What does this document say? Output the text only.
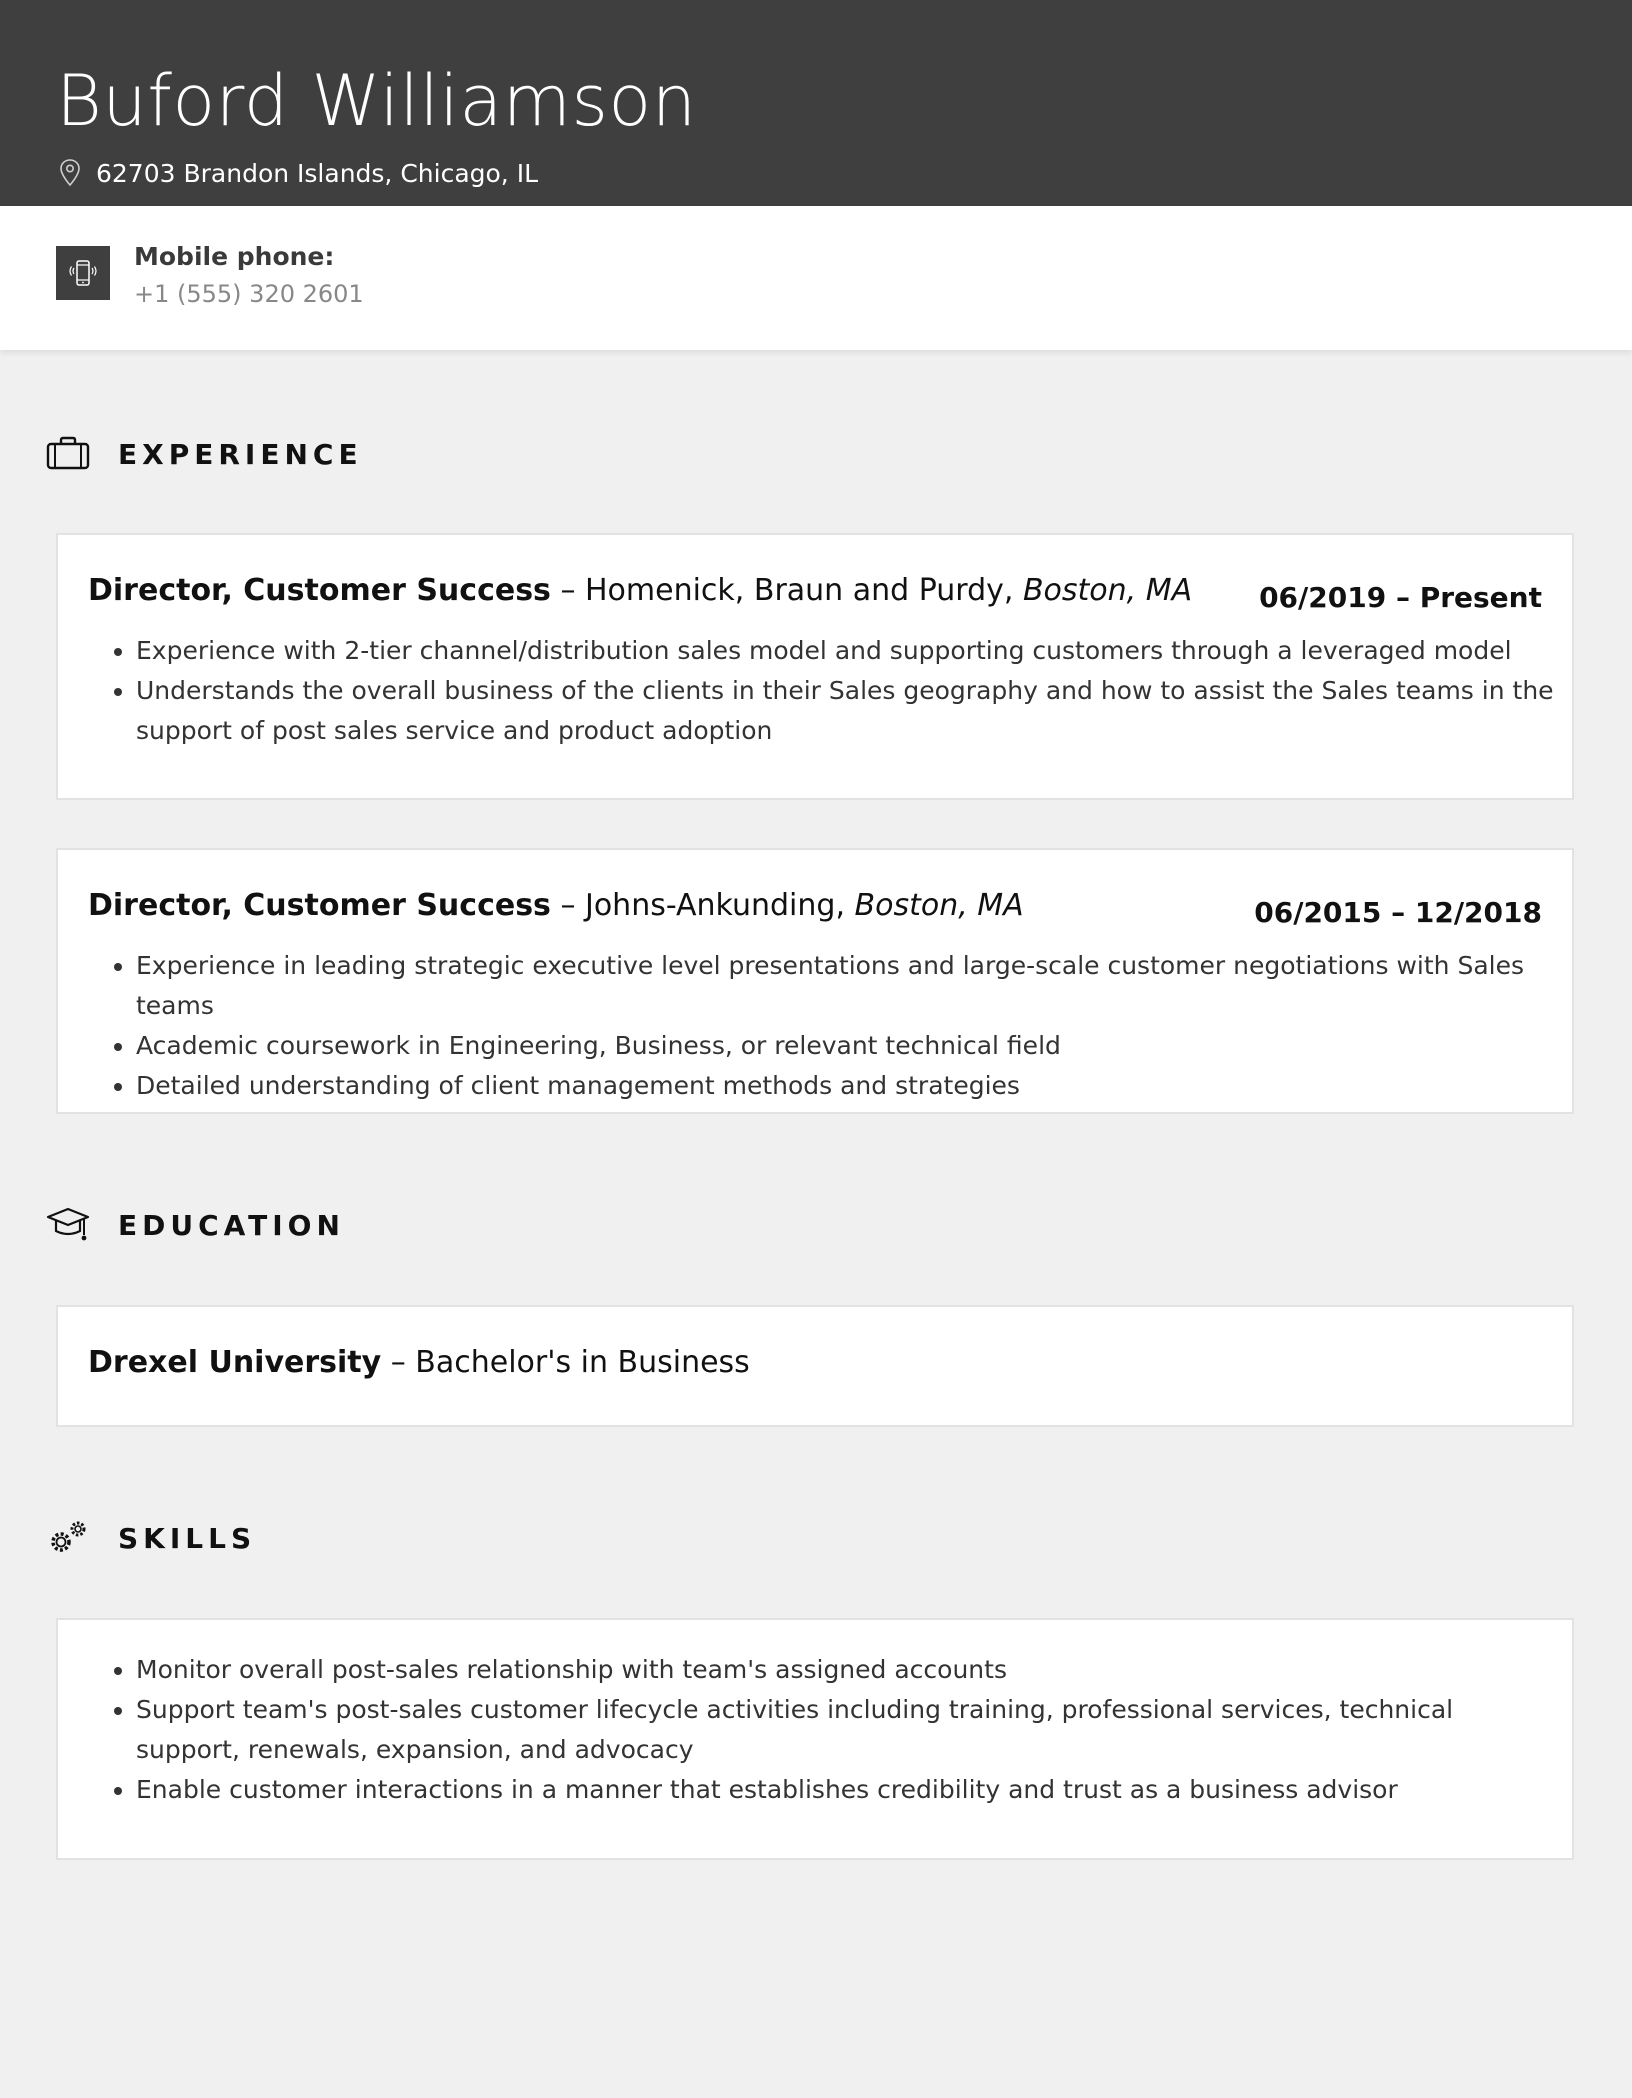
Buford Williamson
62703 Brandon Islands, Chicago, IL
Mobile phone:
+1 (555) 320 2601
EXPERIENCE
Director, Customer Success – Homenick, Braun and Purdy, Boston, MA 06/2019 – Present
• Experience with 2-tier channel/distribution sales model and supporting customers through a leveraged model
• Understands the overall business of the clients in their Sales geography and how to assist the Sales teams in the support of post sales service and product adoption
Director, Customer Success – Johns-Ankunding, Boston, MA	06/2015 – 12/2018
• Experience in leading strategic executive level presentations and large-scale customer negotiations with Sales teams
• Academic coursework in Engineering, Business, or relevant technical field
• Detailed understanding of client management methods and strategies
EDUCATION
Drexel University – Bachelor's in Business
SKILLS
• Monitor overall post-sales relationship with team's assigned accounts
• Support team's post-sales customer lifecycle activities including training, professional services, technical support, renewals, expansion, and advocacy
• Enable customer interactions in a manner that establishes credibility and trust as a business advisor
